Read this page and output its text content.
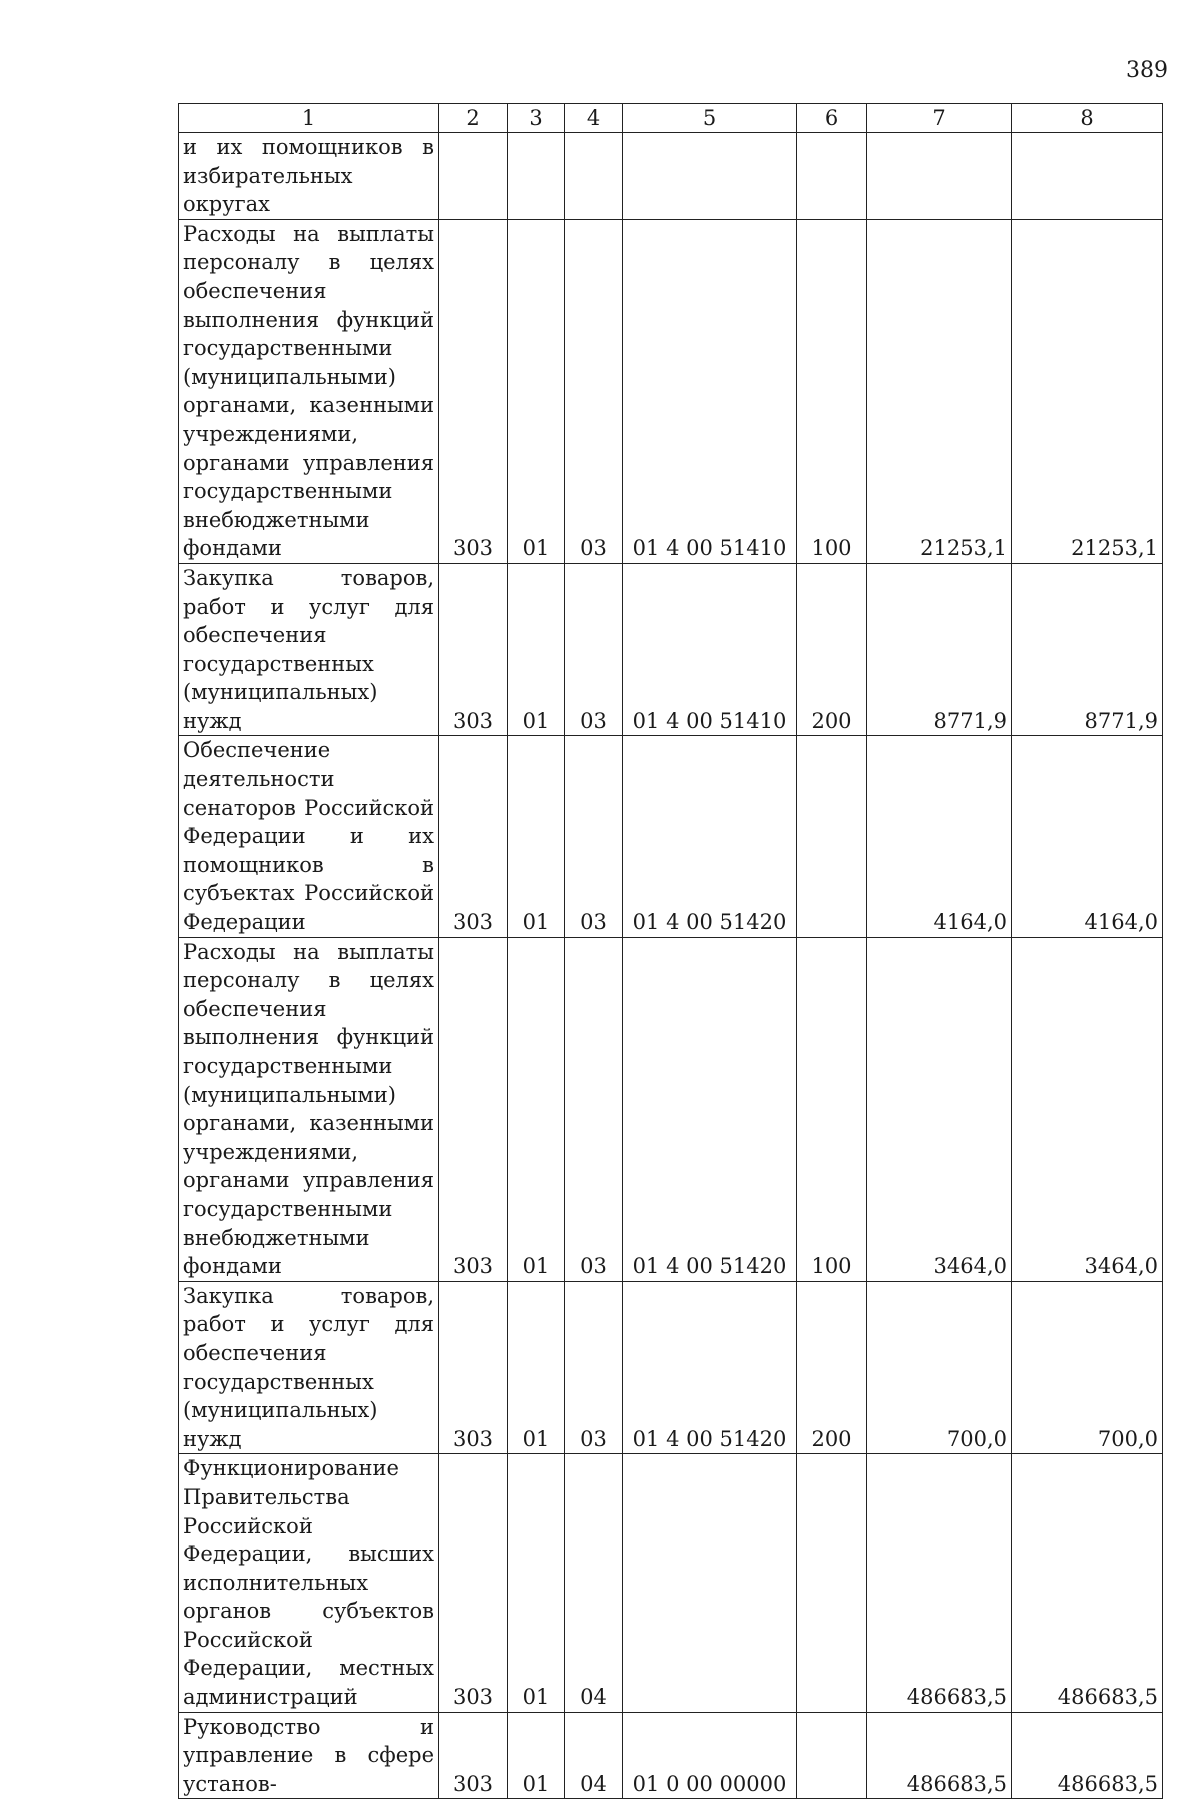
389
1	2	3	4	5	6	7	8
и их помощников в избирательных округах							
Расходы на выплаты персоналу в целях обеспечения выполнения функций государственными (муниципальными) органами, казенными учреждениями, органами управления государственными внебюджетными фондами	303	01	03	01 4 00 51410	100	21253,1	21253,1
Закупка товаров, работ и услуг для обеспечения государственных (муниципальных) нужд	303	01	03	01 4 00 51410	200	8771,9	8771,9
Обеспечение деятельности сенаторов Российской Федерации и их помощников в субъектах Российской Федерации	303	01	03	01 4 00 51420		4164,0	4164,0
Расходы на выплаты персоналу в целях обеспечения выполнения функций государственными (муниципальными) органами, казенными учреждениями, органами управления государственными внебюджетными фондами	303	01	03	01 4 00 51420	100	3464,0	3464,0
Закупка товаров, работ и услуг для обеспечения государственных (муниципальных) нужд	303	01	03	01 4 00 51420	200	700,0	700,0
Функционирование Правительства Российской Федерации, высших исполнительных органов субъектов Российской Федерации, местных администраций	303	01	04			486683,5	486683,5
Руководство и управление в сфере установ-	303	01	04	01 0 00 00000		486683,5	486683,5
